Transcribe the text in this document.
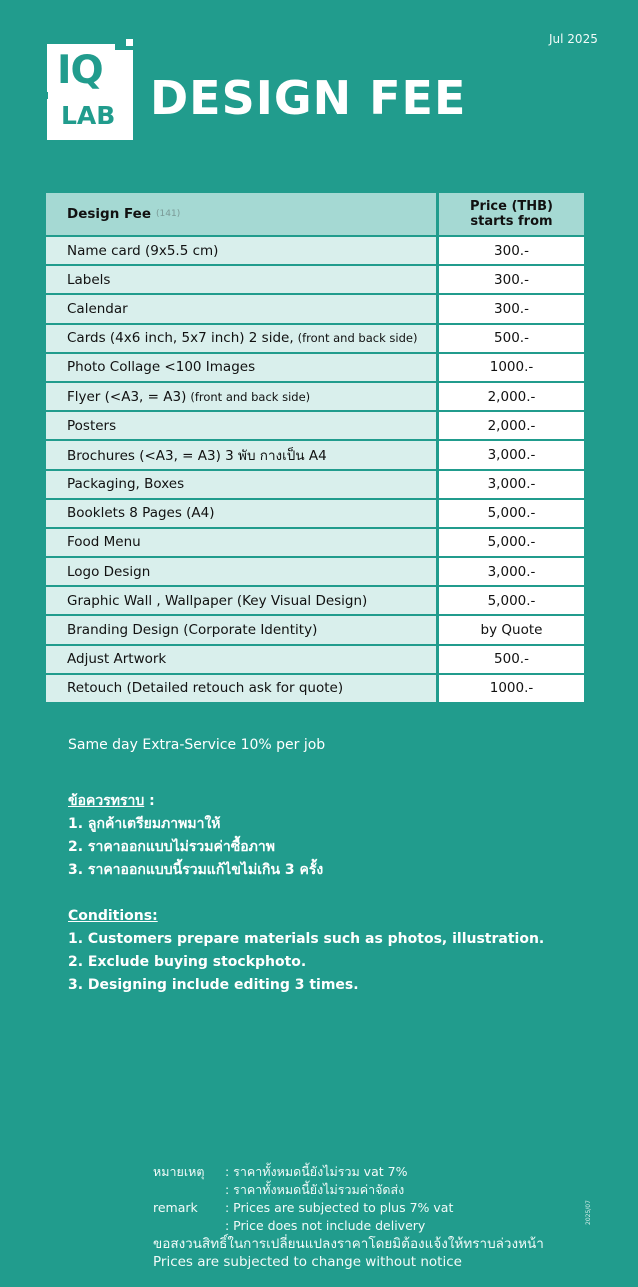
Jul 2025
IQ
LAB DESIGN FEE
Design Fee (141)	Price (THB)
starts from
Name card (9x5.5 cm)	300.-
Labels	300.-
Calendar	300.-
Cards (4x6 inch, 5x7 inch) 2 side, (front and back side)	500.-
Photo Collage <100 Images	1000.-
Flyer (<A3, = A3) (front and back side)	2,000.-
Posters	2,000.-
Brochures (<A3, = A3) 3 พับ กางเป็น A4	3,000.-
Packaging, Boxes	3,000.-
Booklets 8 Pages (A4)	5,000.-
Food Menu	5,000.-
Logo Design	3,000.-
Graphic Wall , Wallpaper (Key Visual Design)	5,000.-
Branding Design (Corporate Identity)	by Quote
Adjust Artwork	500.-
Retouch (Detailed retouch ask for quote)	1000.-
Same day Extra-Service 10% per job
ข้อควรทราบ :
1. ลูกค้าเตรียมภาพมาให้
2. ราคาออกแบบไม่รวมค่าซื้อภาพ
3. ราคาออกแบบนี้รวมแก้ไขไม่เกิน 3 ครั้ง
Conditions:
1. Customers prepare materials such as photos, illustration.
2. Exclude buying stockphoto.
3. Designing include editing 3 times.
หมายเหตุ	: ราคาทั้งหมดนี้ยังไม่รวม vat 7%
: ราคาทั้งหมดนี้ยังไม่รวมค่าจัดส่ง
remark	: Prices are subjected to plus 7% vat
: Price does not include delivery
ขอสงวนสิทธิ์ในการเปลี่ยนแปลงราคาโดยมิต้องแจ้งให้ทราบล่วงหน้า
Prices are subjected to change without notice
2025/07
